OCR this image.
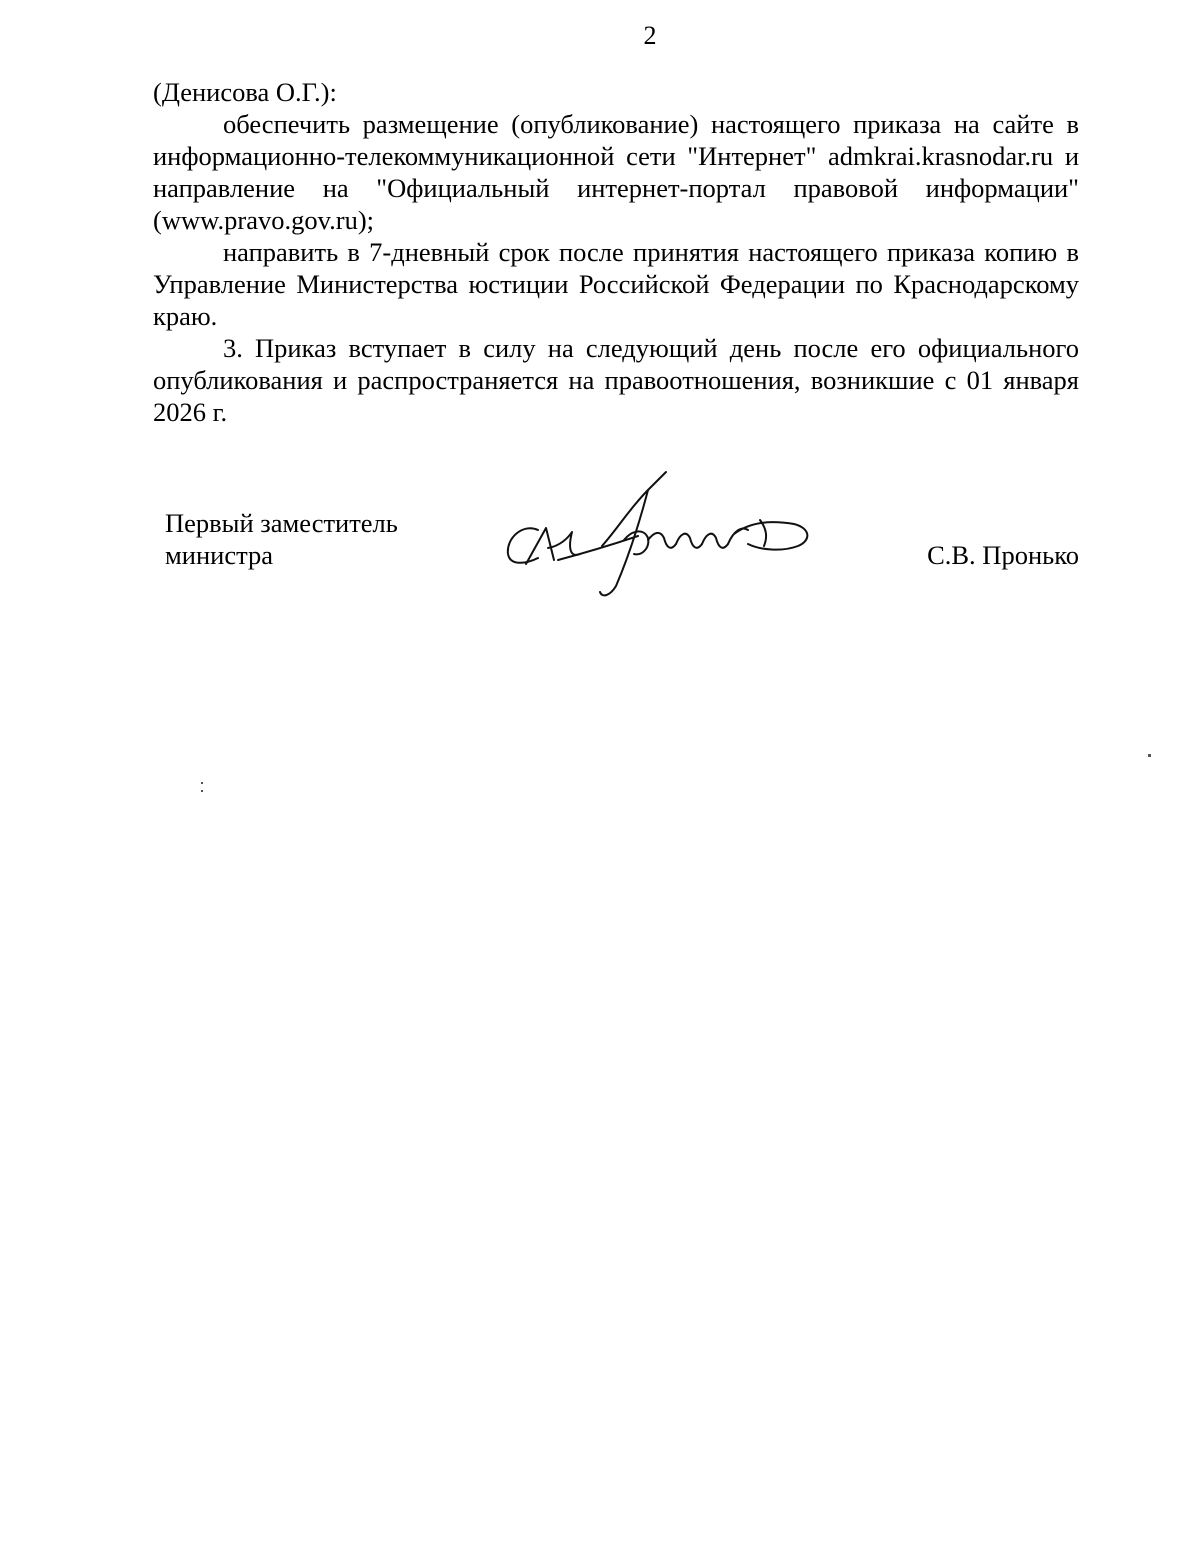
2

(Денисова О.Г.):

обеспечить размещение (опубликование) настоящего приказа на сайте в информационно-телекоммуникационной сети "Интернет" admkrai.krasnodar.ru и направление на "Официальный интернет-портал правовой информации" (www.pravo.gov.ru);

направить в 7-дневный срок после принятия настоящего приказа копию в Управление Министерства юстиции Российской Федерации по Краснодарскому краю.

3. Приказ вступает в силу на следующий день после его официального опубликования и распространяется на правоотношения, возникшие с 01 января 2026 г.

Первый заместитель
министра	С.В. Пронько
